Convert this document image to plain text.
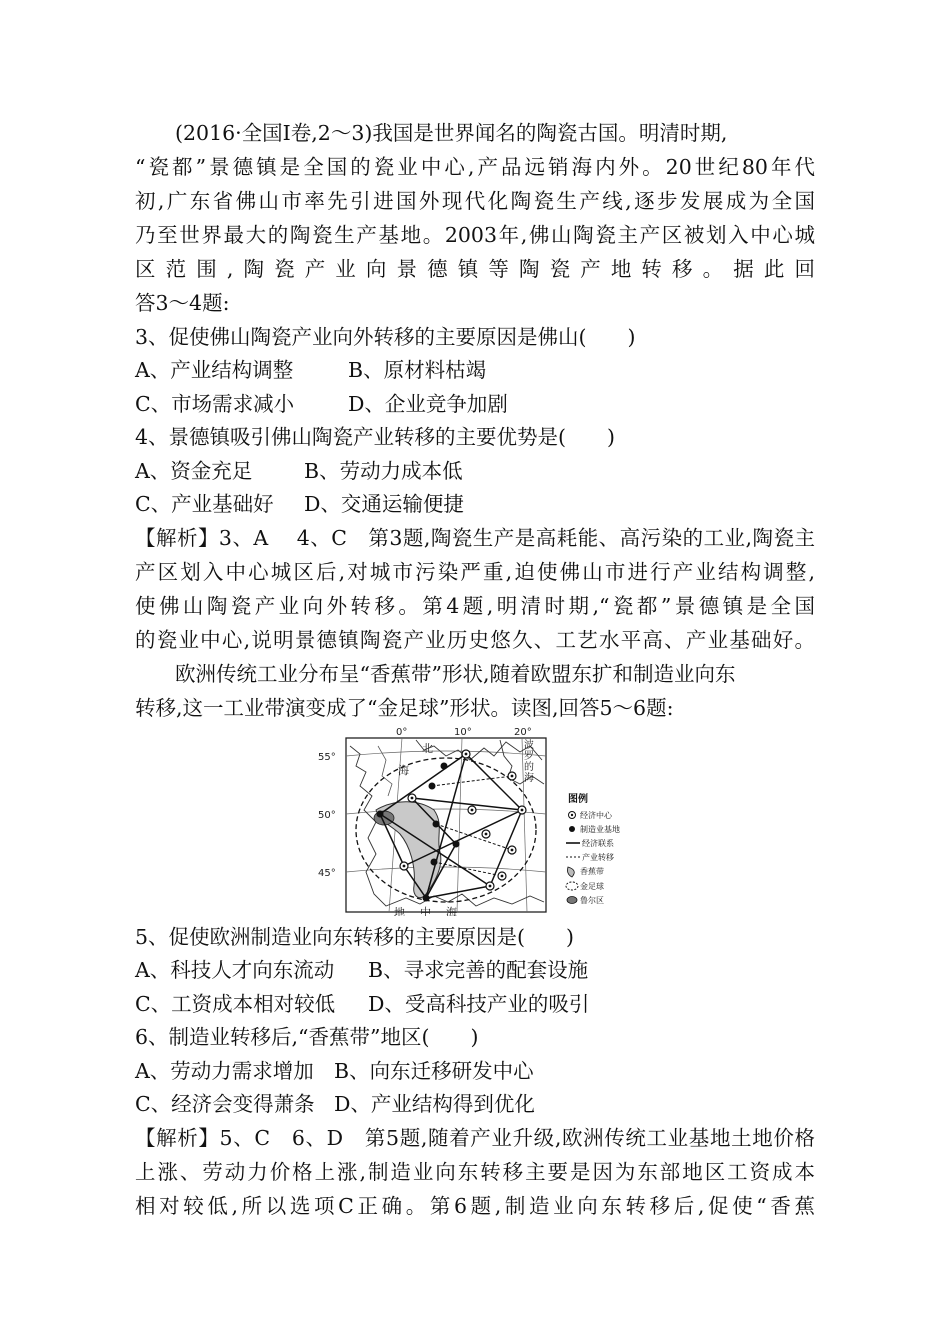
(2016·全国Ⅰ卷,2～3)我国是世界闻名的陶瓷古国。明清时期,
“瓷都”景德镇是全国的瓷业中心,产品远销海内外。20世纪80年代
初,广东省佛山市率先引进国外现代化陶瓷生产线,逐步发展成为全国
乃至世界最大的陶瓷生产基地。2003年,佛山陶瓷主产区被划入中心城
区范围,陶瓷产业向景德镇等陶瓷产地转移。据此回
答3～4题:
3、促使佛山陶瓷产业向外转移的主要原因是佛山(　　)
A、产业结构调整	B、原材料枯竭
C、市场需求减小	D、企业竞争加剧
4、景德镇吸引佛山陶瓷产业转移的主要优势是(　　)
A、资金充足	B、劳动力成本低
C、产业基础好 D、交通运输便捷
【解析】3、A　 4、C　第3题,陶瓷生产是高耗能、高污染的工业,陶瓷主
产区划入中心城区后,对城市污染严重,迫使佛山市进行产业结构调整,
使佛山陶瓷产业向外转移。第4题,明清时期,“瓷都”景德镇是全国
的瓷业中心,说明景德镇陶瓷产业历史悠久、工艺水平高、产业基础好。
欧洲传统工业分布呈“香蕉带”形状,随着欧盟东扩和制造业向东
转移,这一工业带演变成了“金足球”形状。读图,回答5～6题:
0°	10°	20°
55°
50°
45°
北
海
波
罗
的
海
地 中 海
图例
经济中心
制造业基地
经济联系
产业转移
香蕉带
金足球
鲁尔区
5、促使欧洲制造业向东转移的主要原因是(　　)
A、科技人才向东流动 B、寻求完善的配套设施
C、工资成本相对较低 D、受高科技产业的吸引
6、制造业转移后,“香蕉带”地区(　　)
A、劳动力需求增加 B、向东迁移研发中心
C、经济会变得萧条 D、产业结构得到优化
【解析】5、C　6、D　第5题,随着产业升级,欧洲传统工业基地土地价格
上涨、劳动力价格上涨,制造业向东转移主要是因为东部地区工资成本
相对较低,所以选项C正确。第6题,制造业向东转移后,促使“香蕉
